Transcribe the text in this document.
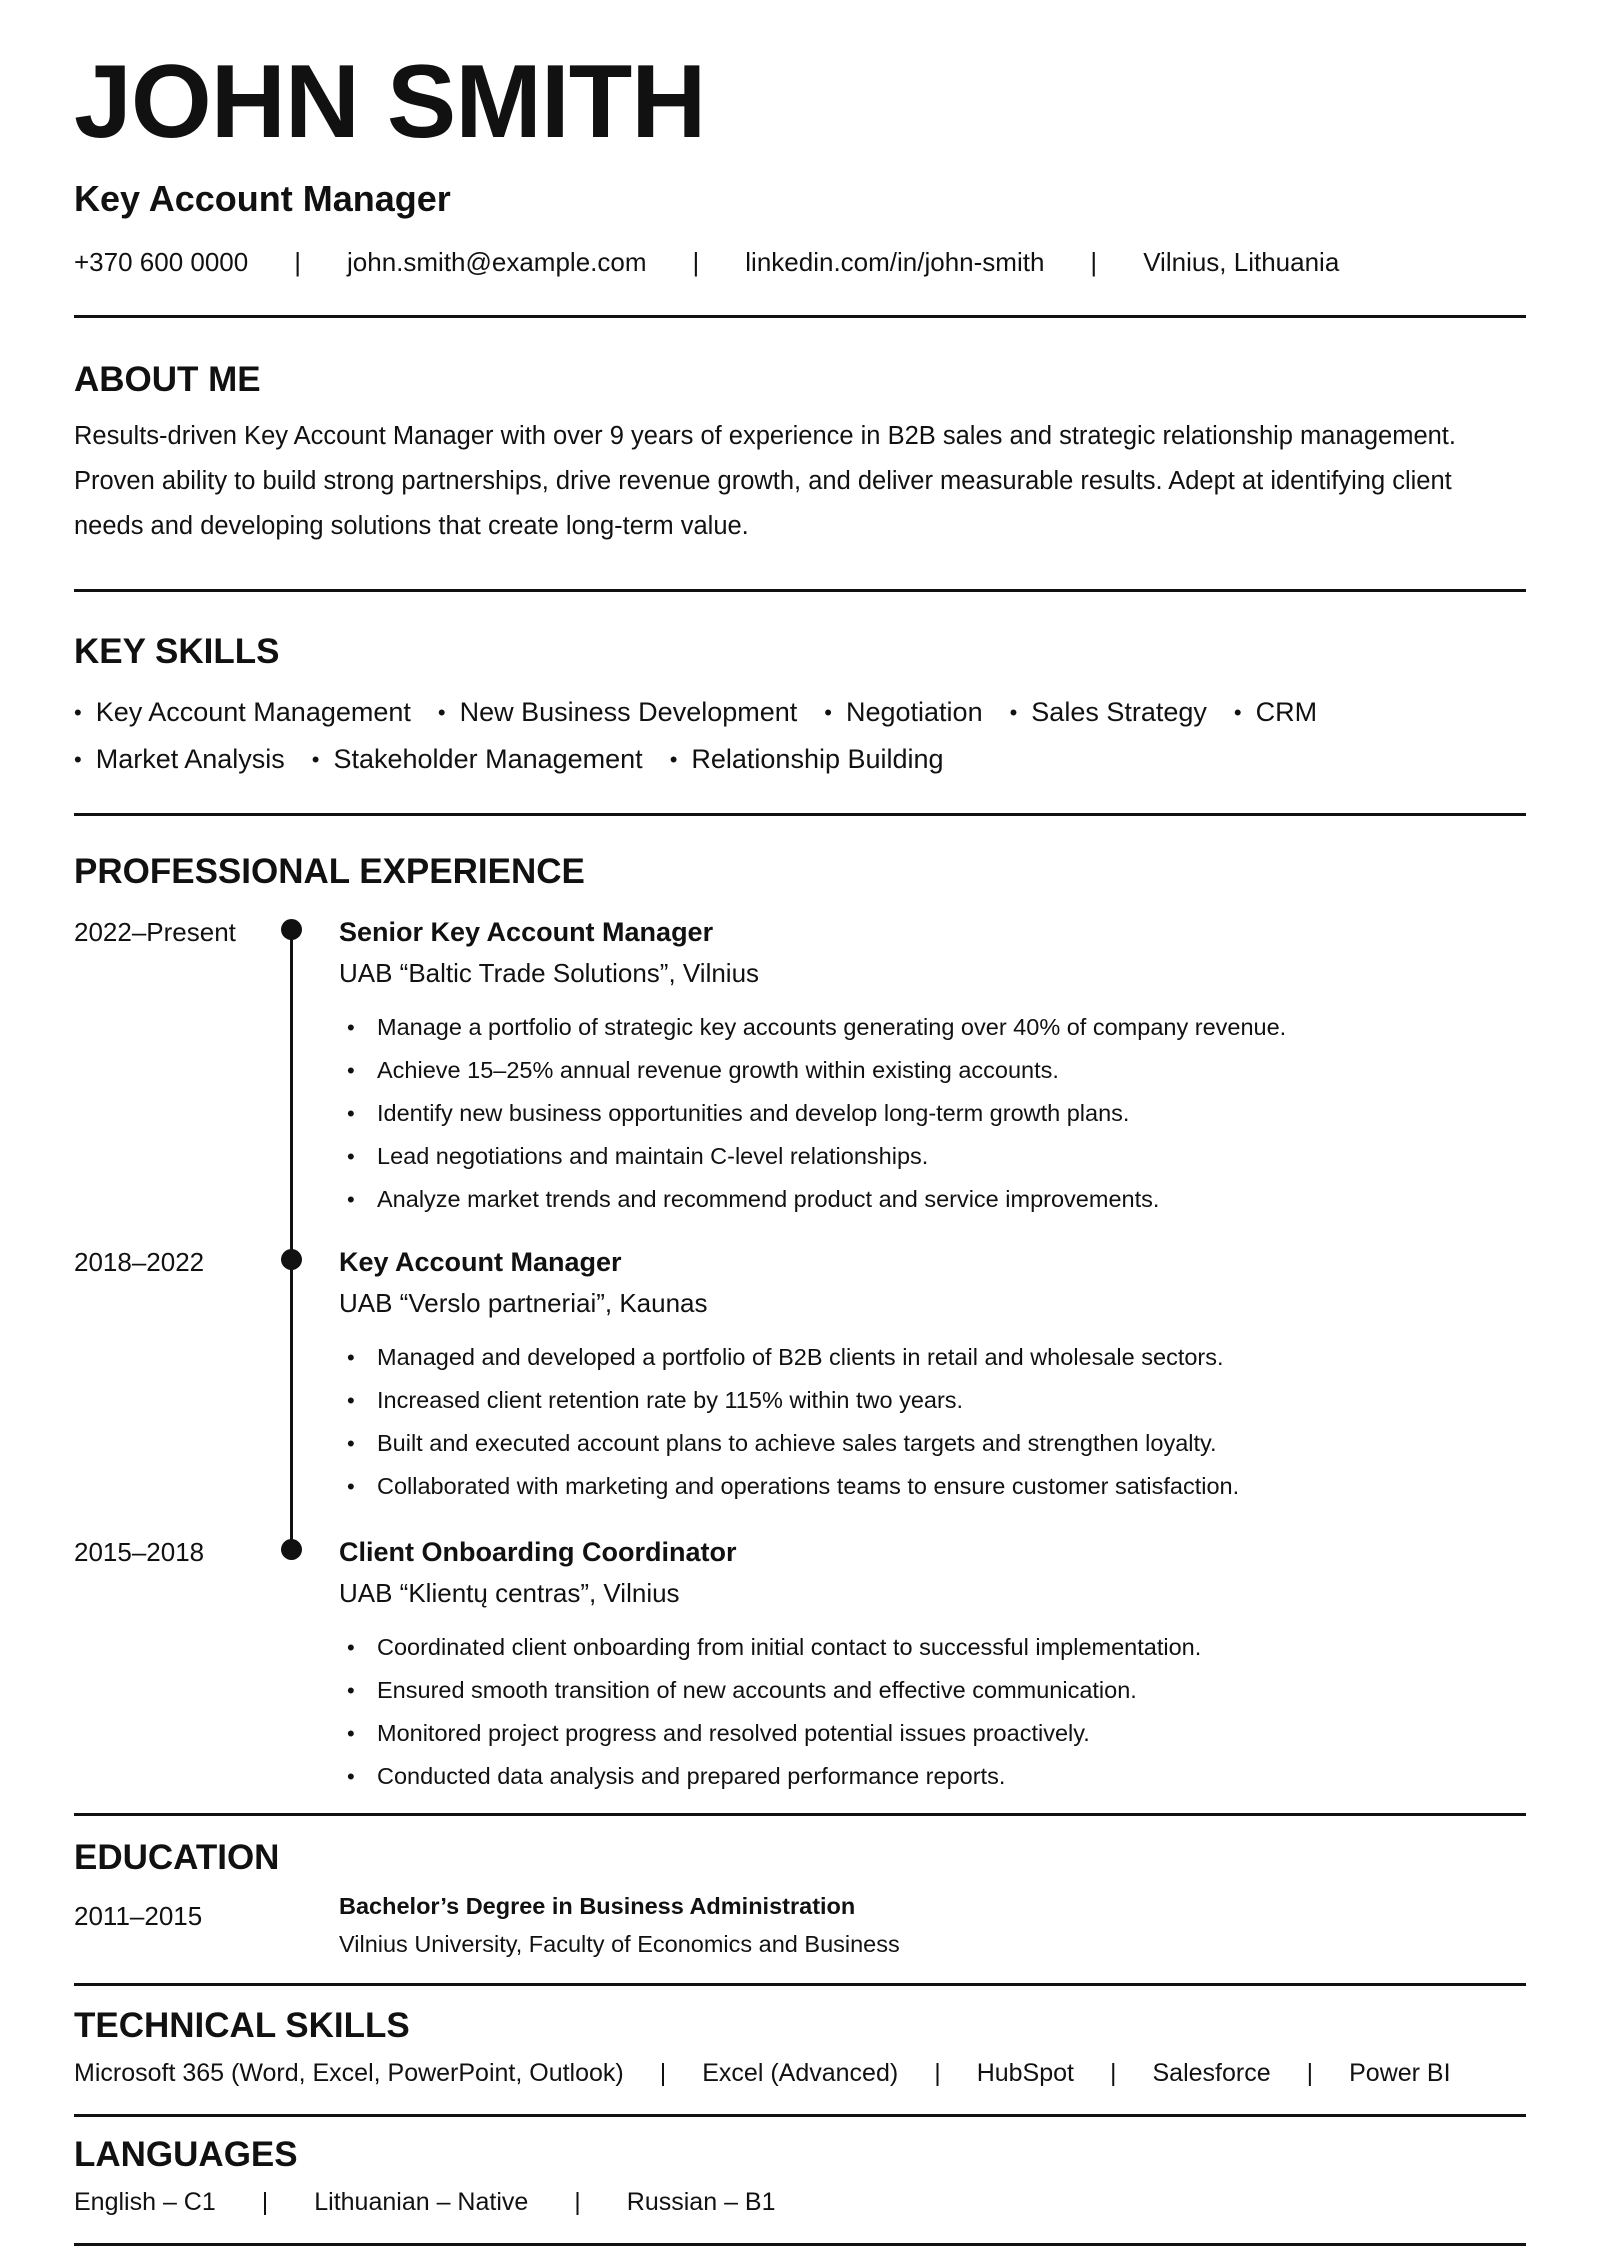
JOHN SMITH
Key Account Manager
+370 600 0000	|	john.smith@example.com	|	linkedin.com/in/john-smith	|	Vilnius, Lithuania
ABOUT ME
Results-driven Key Account Manager with over 9 years of experience in B2B sales and strategic relationship management. Proven ability to build strong partnerships, drive revenue growth, and deliver measurable results. Adept at identifying client needs and developing solutions that create long-term value.
KEY SKILLS
• Key Account Management • New Business Development • Negotiation • Sales Strategy • CRM
• Market Analysis • Stakeholder Management • Relationship Building
PROFESSIONAL EXPERIENCE
2022–Present	Senior Key Account Manager
UAB “Baltic Trade Solutions”, Vilnius
• Manage a portfolio of strategic key accounts generating over 40% of company revenue.
• Achieve 15–25% annual revenue growth within existing accounts.
• Identify new business opportunities and develop long-term growth plans.
• Lead negotiations and maintain C-level relationships.
• Analyze market trends and recommend product and service improvements.
2018–2022	Key Account Manager
UAB “Verslo partneriai”, Kaunas
• Managed and developed a portfolio of B2B clients in retail and wholesale sectors.
• Increased client retention rate by 115% within two years.
• Built and executed account plans to achieve sales targets and strengthen loyalty.
• Collaborated with marketing and operations teams to ensure customer satisfaction.
2015–2018	Client Onboarding Coordinator
UAB “Klientų centras”, Vilnius
• Coordinated client onboarding from initial contact to successful implementation.
• Ensured smooth transition of new accounts and effective communication.
• Monitored project progress and resolved potential issues proactively.
• Conducted data analysis and prepared performance reports.
EDUCATION
2011–2015	Bachelor’s Degree in Business Administration
Vilnius University, Faculty of Economics and Business
TECHNICAL SKILLS
Microsoft 365 (Word, Excel, PowerPoint, Outlook)	|	Excel (Advanced)	|	HubSpot	|	Salesforce	|	Power BI
LANGUAGES
English – C1	|	Lithuanian – Native	|	Russian – B1
